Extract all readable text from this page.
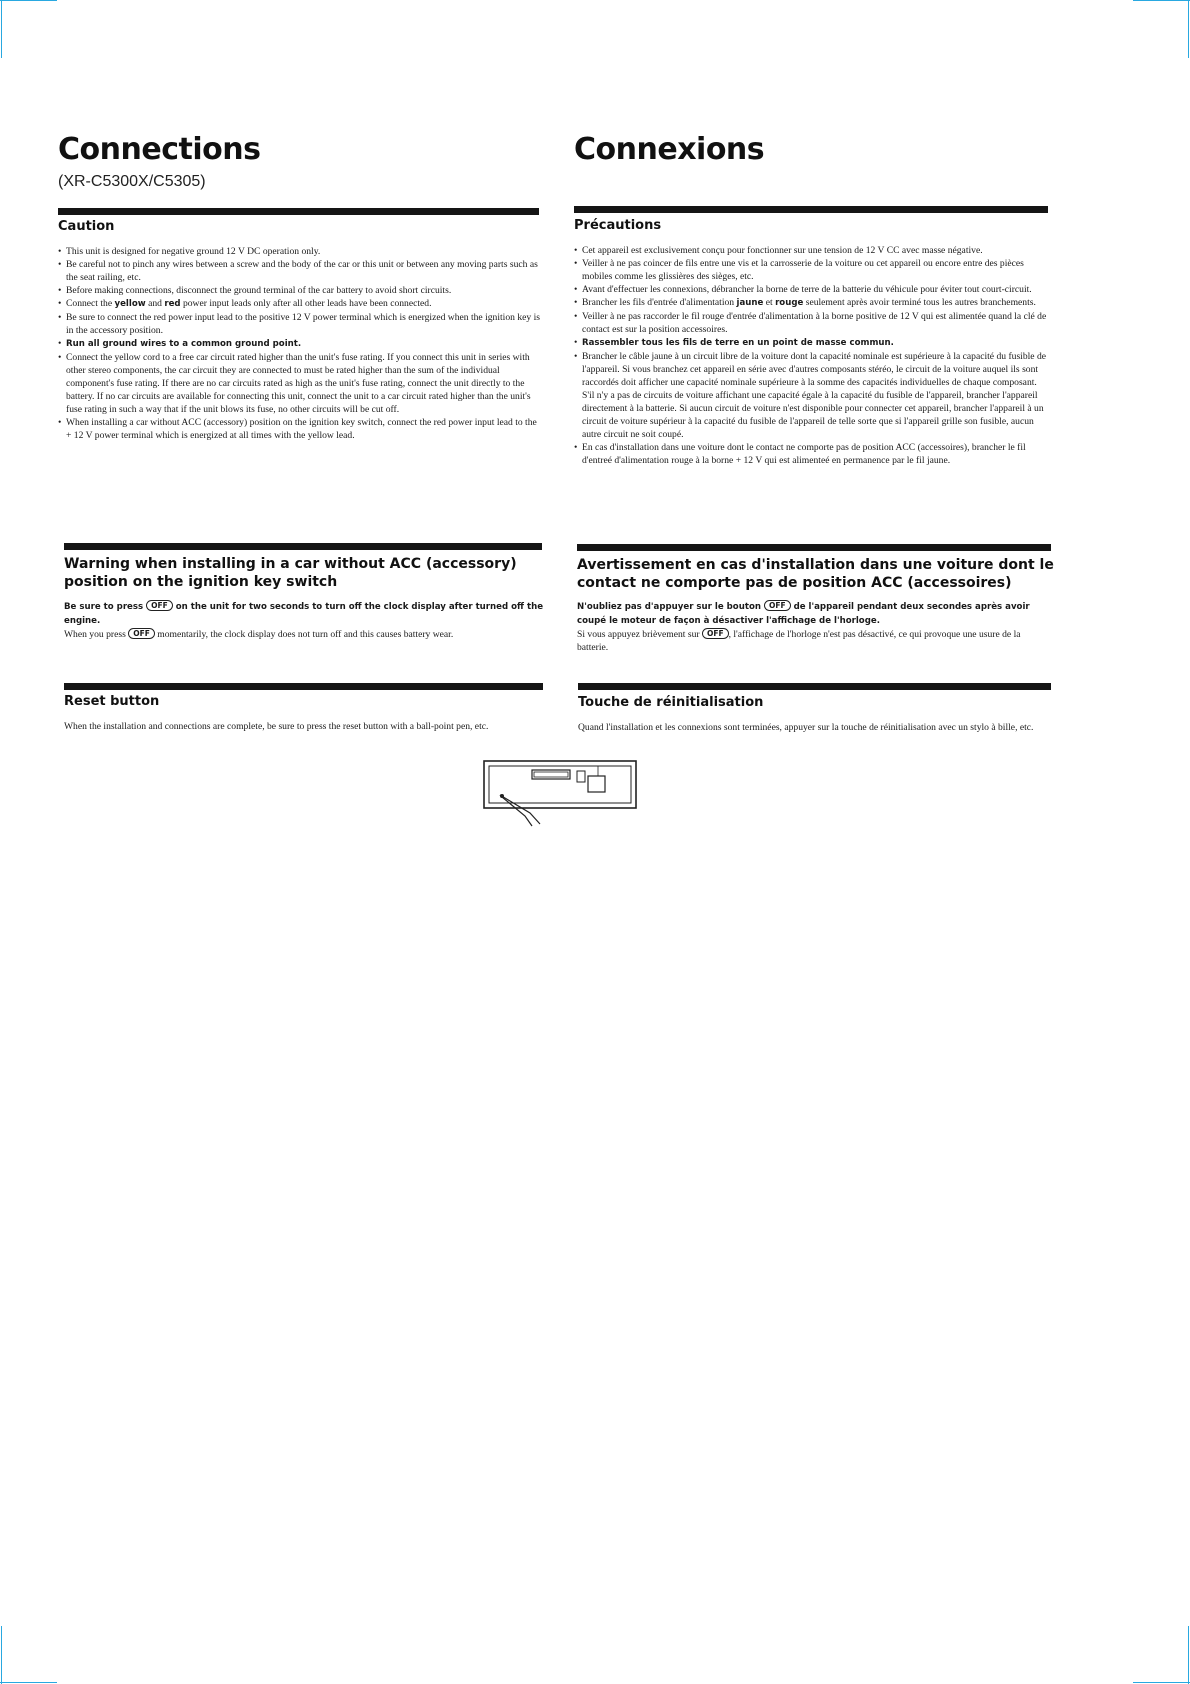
Connections

(XR-C5300X/C5305)

Caution
• This unit is designed for negative ground 12 V DC operation only.
• Be careful not to pinch any wires between a screw and the body of the car or this unit or between any moving parts such as the seat railing, etc.
• Before making connections, disconnect the ground terminal of the car battery to avoid short circuits.
• Connect the yellow and red power input leads only after all other leads have been connected.
• Be sure to connect the red power input lead to the positive 12 V power terminal which is energized when the ignition key is in the accessory position.
• Run all ground wires to a common ground point.
• Connect the yellow cord to a free car circuit rated higher than the unit's fuse rating. If you connect this unit in series with other stereo components, the car circuit they are connected to must be rated higher than the sum of the individual component's fuse rating. If there are no car circuits rated as high as the unit's fuse rating, connect the unit directly to the battery. If no car circuits are available for connecting this unit, connect the unit to a car circuit rated higher than the unit's fuse rating in such a way that if the unit blows its fuse, no other circuits will be cut off.
• When installing a car without ACC (accessory) position on the ignition key switch, connect the red power input lead to the + 12 V power terminal which is energized at all times with the yellow lead.
Warning when installing in a car without ACC (accessory) position on the ignition key switch

Be sure to press OFF on the unit for two seconds to turn off the clock display after turned off the engine.
When you press OFF momentarily, the clock display does not turn off and this causes battery wear.

Reset button

When the installation and connections are complete, be sure to press the reset button with a ball-point pen, etc.

Connexions
Précautions
• Cet appareil est exclusivement conçu pour fonctionner sur une tension de 12 V CC avec masse négative.
• Veiller à ne pas coincer de fils entre une vis et la carrosserie de la voiture ou cet appareil ou encore entre des pièces mobiles comme les glissières des sièges, etc.
• Avant d'effectuer les connexions, débrancher la borne de terre de la batterie du véhicule pour éviter tout court-circuit.
• Brancher les fils d'entrée d'alimentation jaune et rouge seulement après avoir terminé tous les autres branchements.
• Veiller à ne pas raccorder le fil rouge d'entrée d'alimentation à la borne positive de 12 V qui est alimentée quand la clé de contact est sur la position accessoires.
• Rassembler tous les fils de terre en un point de masse commun.
• Brancher le câble jaune à un circuit libre de la voiture dont la capacité nominale est supérieure à la capacité du fusible de l'appareil. Si vous branchez cet appareil en série avec d'autres composants stéréo, le circuit de la voiture auquel ils sont raccordés doit afficher une capacité nominale supérieure à la somme des capacités individuelles de chaque composant. S'il n'y a pas de circuits de voiture affichant une capacité égale à la capacité du fusible de l'appareil, brancher l'appareil directement à la batterie. Si aucun circuit de voiture n'est disponible pour connecter cet appareil, brancher l'appareil à un circuit de voiture supérieur à la capacité du fusible de l'appareil de telle sorte que si l'appareil grille son fusible, aucun autre circuit ne soit coupé.
• En cas d'installation dans une voiture dont le contact ne comporte pas de position ACC (accessoires), brancher le fil d'entreé d'alimentation rouge à la borne + 12 V qui est alimenteé en permanence par le fil jaune.
Avertissement en cas d'installation dans une voiture dont le contact ne comporte pas de position ACC (accessoires)

N'oubliez pas d'appuyer sur le bouton OFF de l'appareil pendant deux secondes après avoir coupé le moteur de façon à désactiver l'affichage de l'horloge.
Si vous appuyez brièvement sur OFF , l'affichage de l'horloge n'est pas désactivé, ce qui provoque une usure de la batterie.

Touche de réinitialisation

Quand l'installation et les connexions sont terminées, appuyer sur la touche de réinitialisation avec un stylo à bille, etc.
